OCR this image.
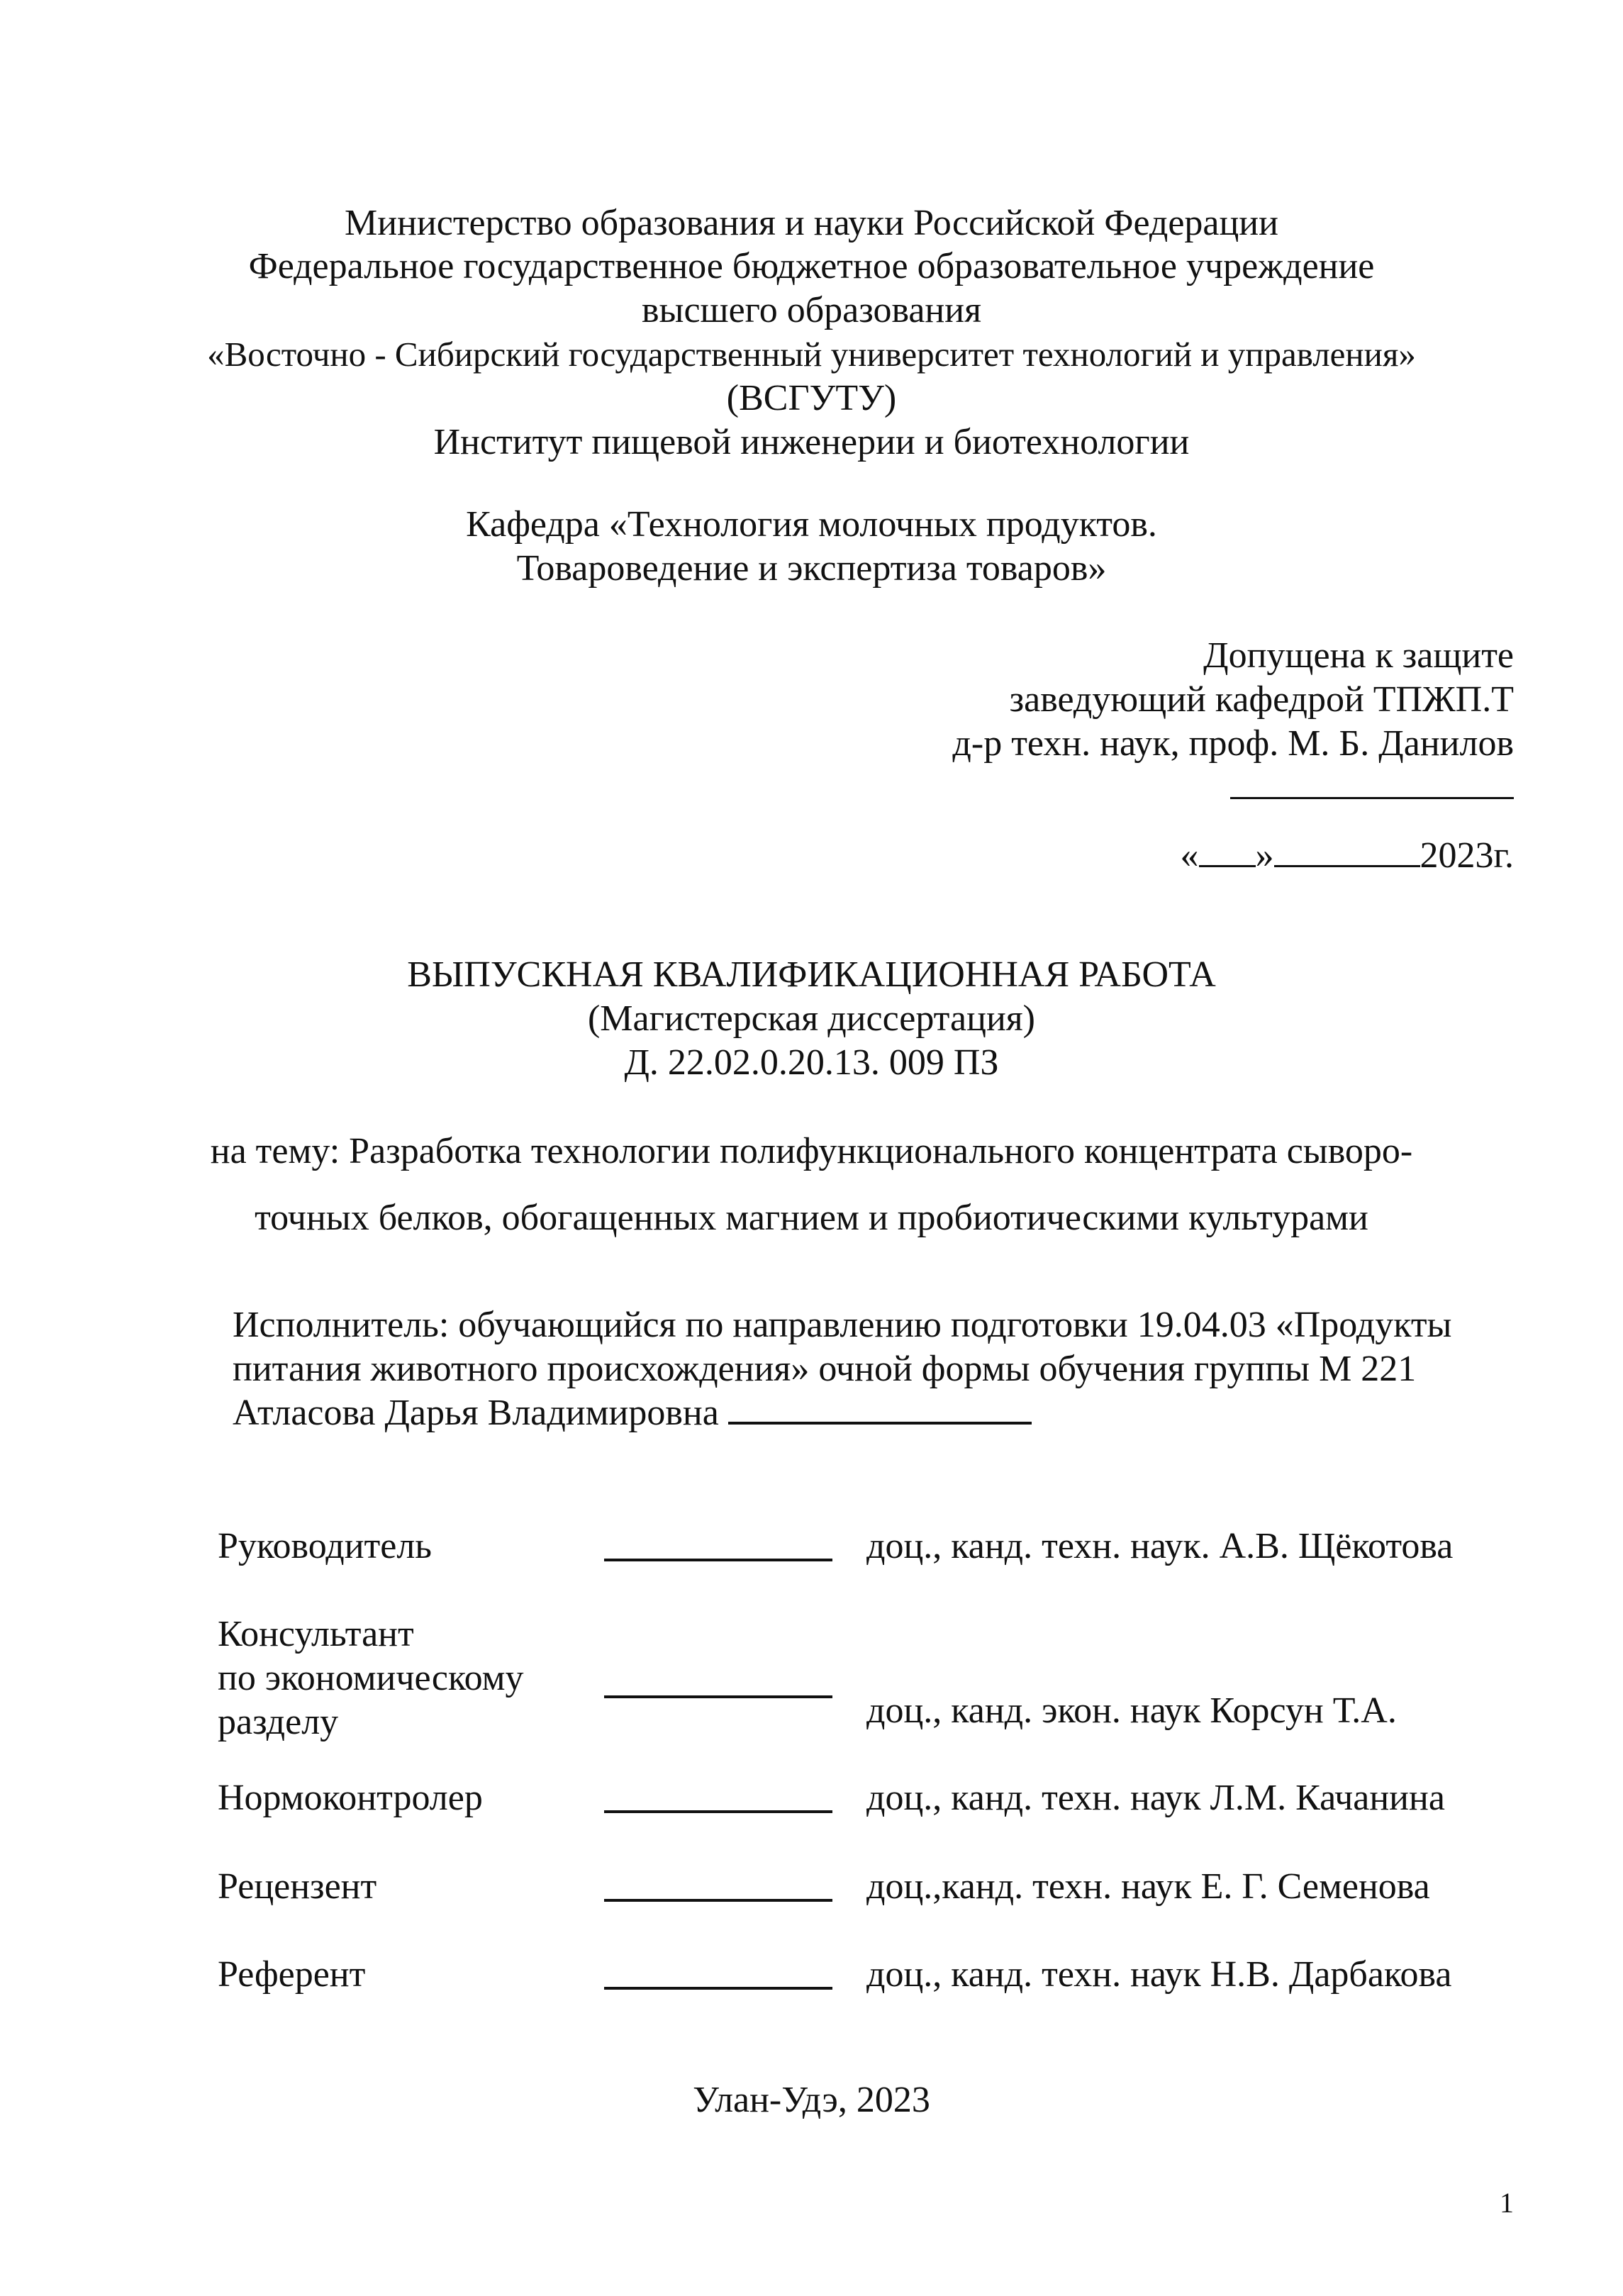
Министерство образования и науки Российской Федерации
Федеральное государственное бюджетное образовательное учреждение
высшего образования
«Восточно - Сибирский государственный университет технологий и управления»
(ВСГУТУ)
Институт пищевой инженерии и биотехнологии
Кафедра «Технология молочных продуктов.
Товароведение и экспертиза товаров»
Допущена к защите
заведующий кафедрой ТПЖП.Т
д-р техн. наук, проф. М. Б. Данилов
« »	2023г.
ВЫПУСКНАЯ КВАЛИФИКАЦИОННАЯ РАБОТА
(Магистерская диссертация)
Д. 22.02.0.20.13. 009 ПЗ
на тему: Разработка технологии полифункционального концентрата сыворо-
точных белков, обогащенных магнием и пробиотическими культурами
Исполнитель: обучающийся по направлению подготовки 19.04.03 «Продукты
питания животного происхождения» очной формы обучения группы М 221
Атласова Дарья Владимировна
Руководитель	доц., канд. техн. наук. А.В. Щёкотова
Консультант
по экономическому
разделу	доц., канд. экон. наук Корсун Т.А.
Нормоконтролер	доц., канд. техн. наук Л.М. Качанина
Рецензент	доц.,канд. техн. наук Е. Г. Семенова
Референт	доц., канд. техн. наук Н.В. Дарбакова
Улан-Удэ, 2023
1
